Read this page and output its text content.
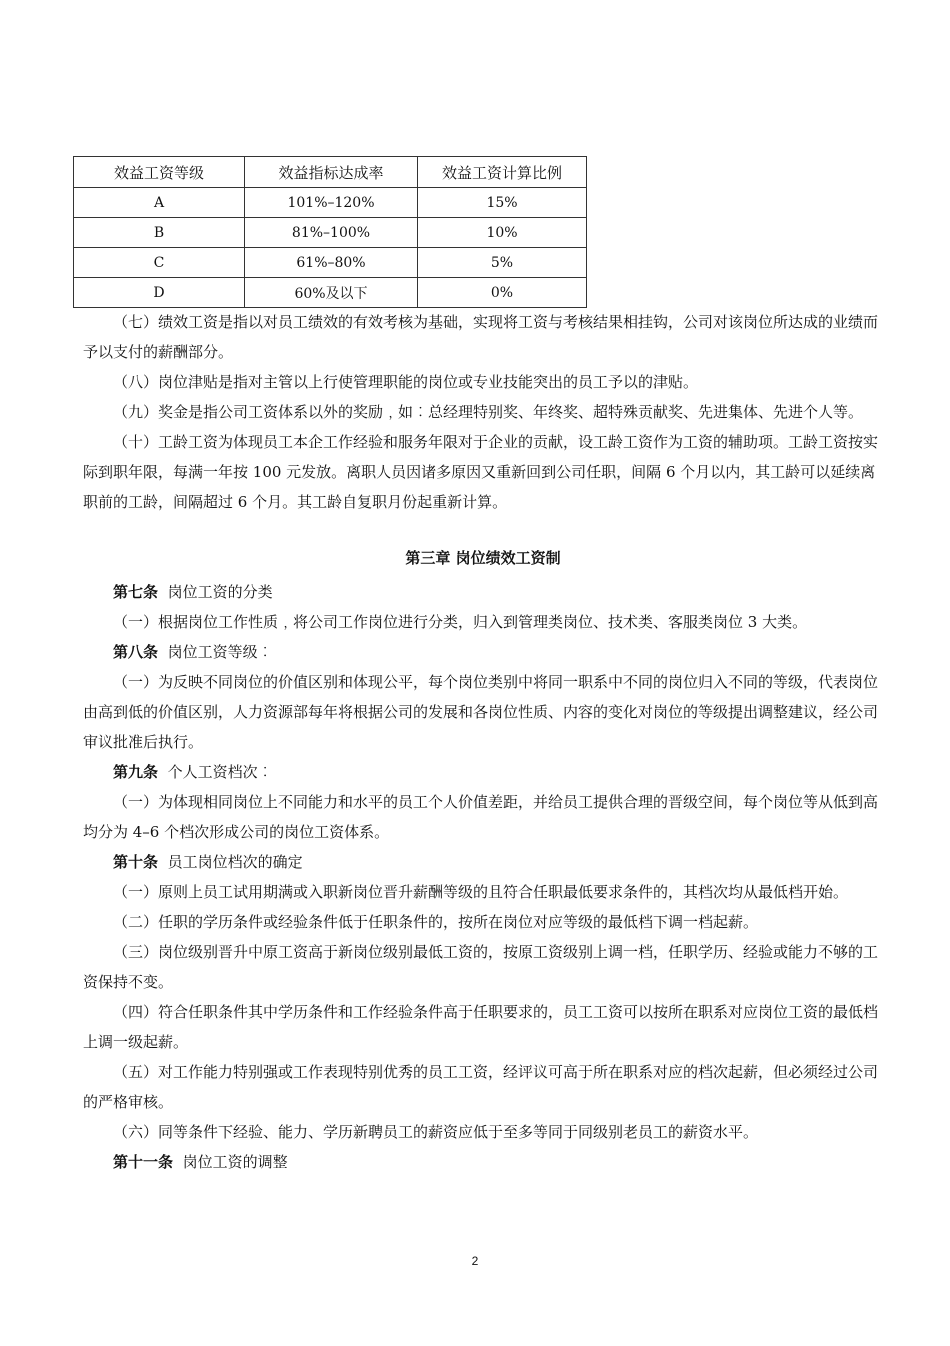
效益工资等级	效益指标达成率	效益工资计算比例
A	101%–120%	15%
B	81%–100%	10%
C	61%–80%	5%
D	60%及以下	0%

（七）绩效工资是指以对员工绩效的有效考核为基础，实现将工资与考核结果相挂钩，公司对该岗位所达成的业绩而予以支付的薪酬部分。

（八）岗位津贴是指对主管以上行使管理职能的岗位或专业技能突出的员工予以的津贴。

（九）奖金是指公司工资体系以外的奖励﹐如︰总经理特别奖、年终奖、超特殊贡献奖、先进集体、先进个人等。

（十）工龄工资为体现员工本企工作经验和服务年限对于企业的贡献，设工龄工资作为工资的辅助项。工龄工资按实际到职年限，每满一年按 100 元发放。离职人员因诸多原因又重新回到公司任职，间隔 6 个月以内，其工龄可以延续离职前的工龄，间隔超过 6 个月。其工龄自复职月份起重新计算。

第三章 岗位绩效工资制

第七条 岗位工资的分类

（一）根据岗位工作性质﹐将公司工作岗位进行分类，归入到管理类岗位、技术类、客服类岗位 3 大类。

第八条 岗位工资等级︰

（一）为反映不同岗位的价值区别和体现公平，每个岗位类别中将同一职系中不同的岗位归入不同的等级，代表岗位由高到低的价值区别，人力资源部每年将根据公司的发展和各岗位性质、内容的变化对岗位的等级提出调整建议，经公司审议批准后执行。

第九条 个人工资档次︰

（一）为体现相同岗位上不同能力和水平的员工个人价值差距，并给员工提供合理的晋级空间，每个岗位等从低到高均分为 4–6 个档次形成公司的岗位工资体系。

第十条 员工岗位档次的确定

（一）原则上员工试用期满或入职新岗位晋升薪酬等级的且符合任职最低要求条件的，其档次均从最低档开始。

（二）任职的学历条件或经验条件低于任职条件的，按所在岗位对应等级的最低档下调一档起薪。

（三）岗位级别晋升中原工资高于新岗位级别最低工资的，按原工资级别上调一档，任职学历、经验或能力不够的工资保持不变。

（四）符合任职条件其中学历条件和工作经验条件高于任职要求的，员工工资可以按所在职系对应岗位工资的最低档上调一级起薪。

（五）对工作能力特别强或工作表现特别优秀的员工工资，经评议可高于所在职系对应的档次起薪，但必须经过公司的严格审核。

（六）同等条件下经验、能力、学历新聘员工的薪资应低于至多等同于同级别老员工的薪资水平。

第十一条 岗位工资的调整

2
